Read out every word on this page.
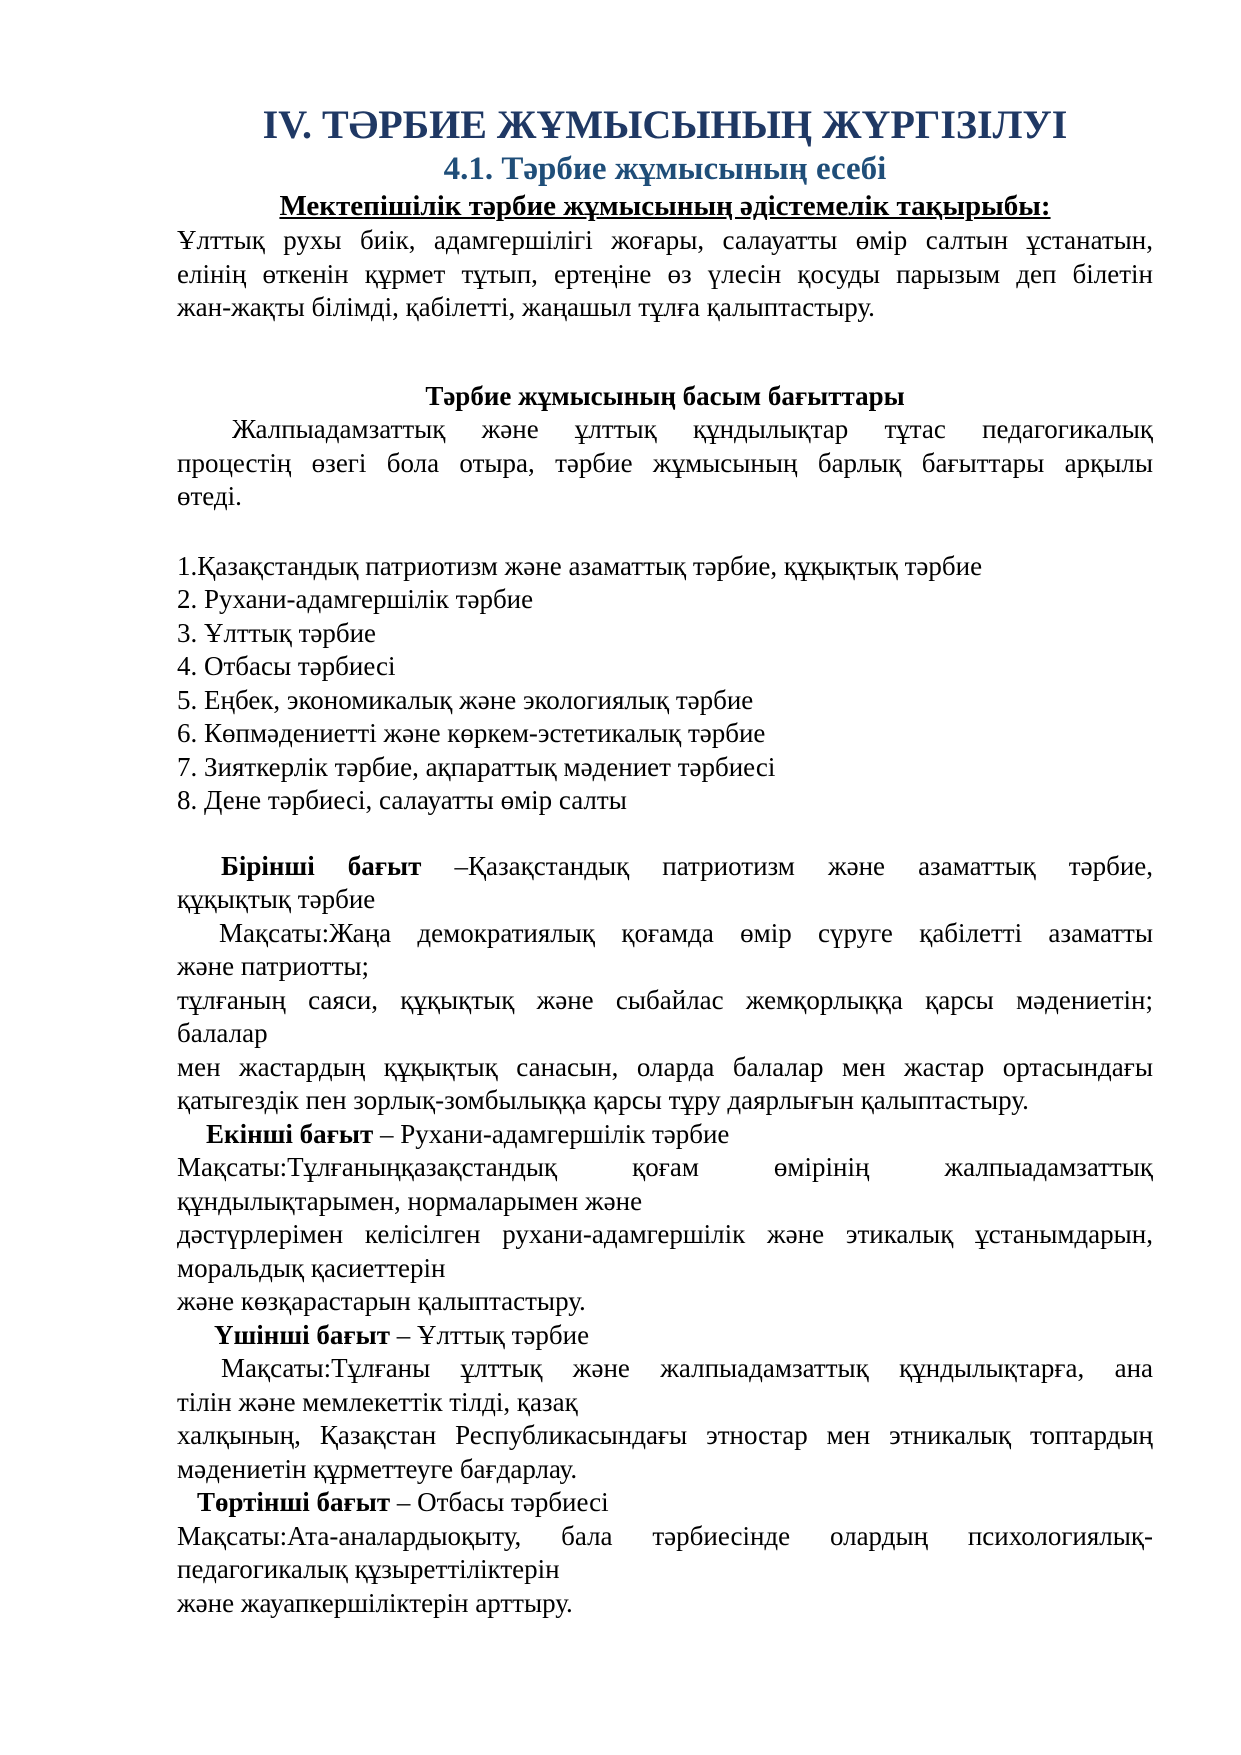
IV. ТӘРБИЕ ЖҰМЫСЫНЫҢ ЖҮРГІЗІЛУІ
4.1. Тәрбие жұмысының есебі
Мектепішілік тәрбие жұмысының әдістемелік тақырыбы:
Ұлттық рухы биік, адамгершілігі жоғары, салауатты өмір салтын ұстанатын,
елінің өткенін құрмет тұтып, ертеңіне өз үлесін қосуды парызым деп білетін
жан-жақты білімді, қабілетті, жаңашыл тұлға қалыптастыру.
Тәрбие жұмысының басым бағыттары
Жалпыадамзаттық және ұлттық құндылықтар тұтас педагогикалық
процестің өзегі бола отыра, тәрбие жұмысының барлық бағыттары арқылы
өтеді.
1.Қазақстандық патриотизм және азаматтық тәрбие, құқықтық тәрбие
2. Рухани-адамгершілік тәрбие
3. Ұлттық тәрбие
4. Отбасы тәрбиесі
5. Еңбек, экономикалық және экологиялық тәрбие
6. Көпмәдениетті және көркем-эстетикалық тәрбие
7. Зияткерлік тәрбие, ақпараттық мәдениет тәрбиесі
8. Дене тәрбиесі, салауатты өмір салты
Бірінші бағыт –Қазақстандық патриотизм және азаматтық тәрбие,
құқықтық тәрбие
Мақсаты:Жаңа демократиялық қоғамда өмір сүруге қабілетті азаматты
және патриотты;
тұлғаның саяси, құқықтық және сыбайлас жемқорлыққа қарсы мәдениетін;
балалар
мен жастардың құқықтық санасын, оларда балалар мен жастар ортасындағы
қатыгездік пен зорлық-зомбылыққа қарсы тұру даярлығын қалыптастыру.
Екінші бағыт – Рухани-адамгершілік тәрбие
Мақсаты:Тұлғаныңқазақстандық қоғам өмірінің жалпыадамзаттық
құндылықтарымен, нормаларымен және
дәстүрлерімен келісілген рухани-адамгершілік және этикалық ұстанымдарын,
моральдық қасиеттерін
және көзқарастарын қалыптастыру.
Үшінші бағыт – Ұлттық тәрбие
Мақсаты:Тұлғаны ұлттық және жалпыадамзаттық құндылықтарға, ана
тілін және мемлекеттік тілді, қазақ
халқының, Қазақстан Республикасындағы этностар мен этникалық топтардың
мәдениетін құрметтеуге бағдарлау.
Төртінші бағыт – Отбасы тәрбиесі
Мақсаты:Ата-аналардыоқыту, бала тәрбиесінде олардың психологиялық-
педагогикалық құзыреттіліктерін
және жауапкершіліктерін арттыру.
